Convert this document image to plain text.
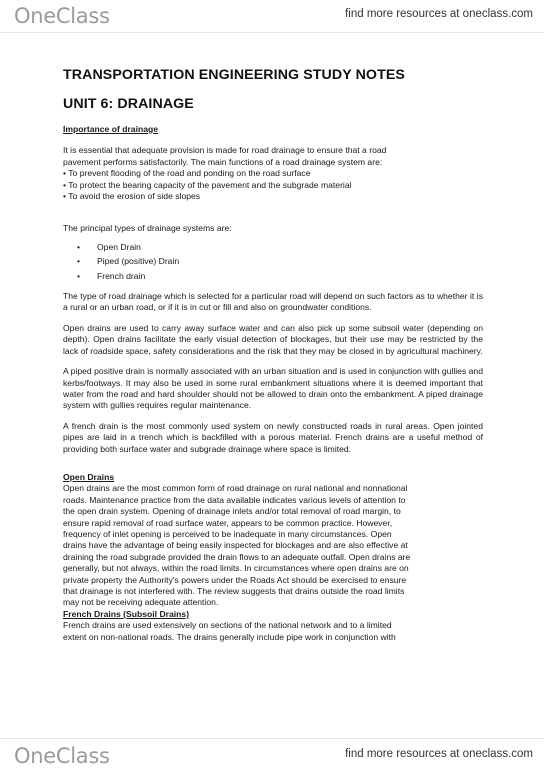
OneClass	find more resources at oneclass.com
TRANSPORTATION ENGINEERING STUDY NOTES
UNIT 6: DRAINAGE

Importance of drainage

It is essential that adequate provision is made for road drainage to ensure that a road
pavement performs satisfactorily. The main functions of a road drainage system are:
• To prevent flooding of the road and ponding on the road surface
• To protect the bearing capacity of the pavement and the subgrade material
• To avoid the erosion of side slopes

The principal types of drainage systems are:

• Open Drain
• Piped (positive) Drain
• French drain

The type of road drainage which is selected for a particular road will depend on such factors as to whether it is a rural or an urban road, or if it is in cut or fill and also on groundwater conditions.

Open drains are used to carry away surface water and can also pick up some subsoil water (depending on depth). Open drains facilitate the early visual detection of blockages, but their use may be restricted by the lack of roadside space, safety considerations and the risk that they may be closed in by agricultural machinery.

A piped positive drain is normally associated with an urban situation and is used in conjunction with gullies and kerbs/footways. It may also be used in some rural embankment situations where it is deemed important that water from the road and hard shoulder should not be allowed to drain onto the embankment. A piped drainage system with gullies requires regular maintenance.

A french drain is the most commonly used system on newly constructed roads in rural areas. Open jointed pipes are laid in a trench which is backfilled with a porous material. French drains are a useful method of providing both surface water and subgrade drainage where space is limited.

Open Drains

Open drains are the most common form of road drainage on rural national and nonnational
roads. Maintenance practice from the data available indicates various levels of attention to
the open drain system. Opening of drainage inlets and/or total removal of road margin, to
ensure rapid removal of road surface water, appears to be common practice. However,
frequency of inlet opening is perceived to be inadequate in many circumstances. Open
drains have the advantage of being easily inspected for blockages and are also effective at
draining the road subgrade provided the drain flows to an adequate outfall. Open drains are
generally, but not always, within the road limits. In circumstances where open drains are on
private property the Authority's powers under the Roads Act should be exercised to ensure
that drainage is not interfered with. The review suggests that drains outside the road limits
may not be receiving adequate attention.

French Drains (Subsoil Drains)

French drains are used extensively on sections of the national network and to a limited
extent on non-national roads. The drains generally include pipe work in conjunction with
OneClass	find more resources at oneclass.com
